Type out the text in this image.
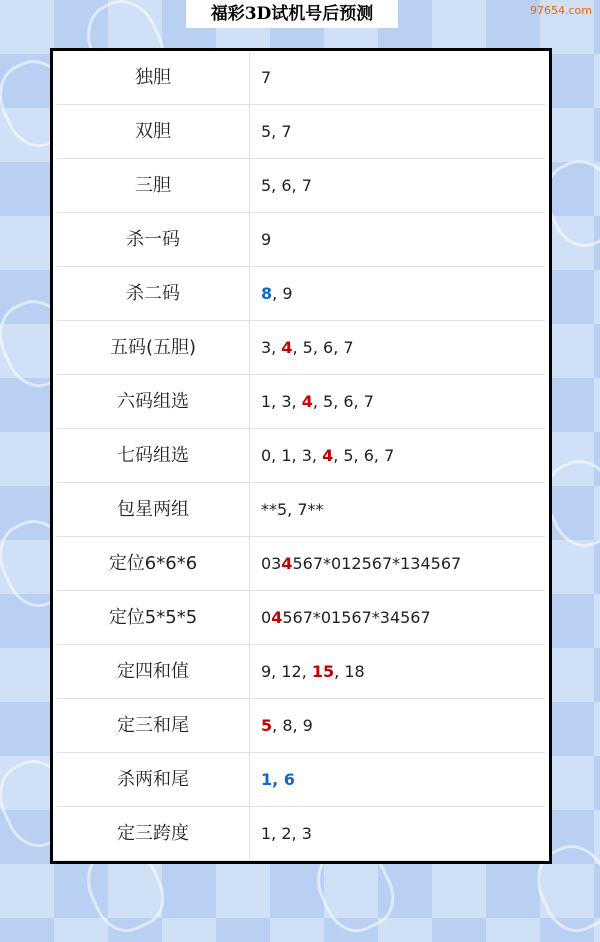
福彩3D试机号后预测	97654.com
独胆	7
双胆	5, 7
三胆	5, 6, 7
杀一码	9
杀二码	8, 9
五码(五胆)	3, 4, 5, 6, 7
六码组选	1, 3, 4, 5, 6, 7
七码组选	0, 1, 3, 4, 5, 6, 7
包星两组	**5, 7**
定位6*6*6	034567*012567*134567
定位5*5*5	04567*01567*34567
定四和值	9, 12, 15, 18
定三和尾	5, 8, 9
杀两和尾	1, 6
定三跨度	1, 2, 3
